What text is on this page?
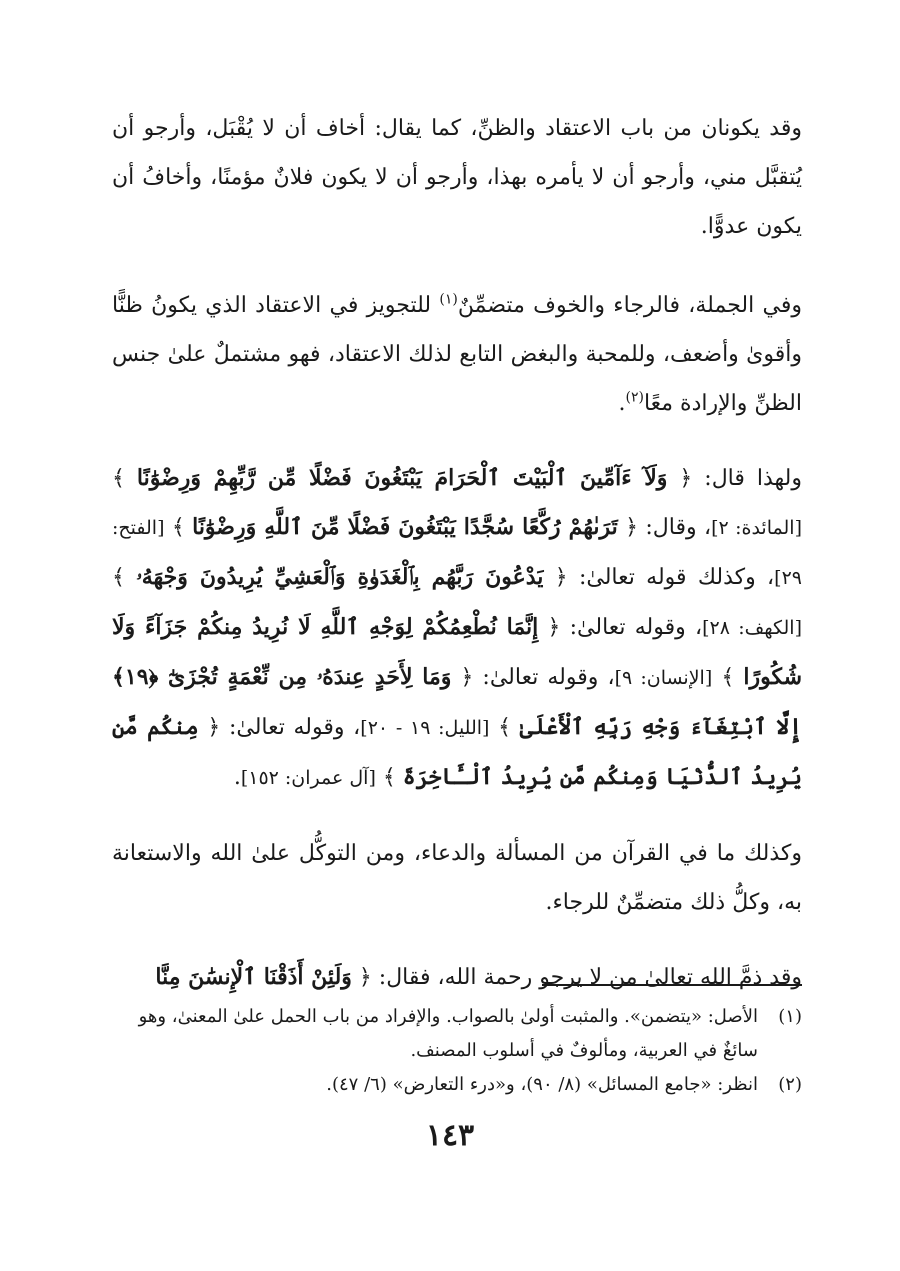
وقد يكونان من باب الاعتقاد والظنِّ، كما يقال: أخاف أن لا يُقْبَل، وأرجو أن يُتقبَّل مني، وأرجو أن لا يأمره بهذا، وأرجو أن لا يكون فلانٌ مؤمنًا، وأخافُ أن يكون عدوًّا.

وفي الجملة، فالرجاء والخوف متضمِّنٌ$^{(١)}$ للتجويز في الاعتقاد الذي يكونُ ظنًّا وأقوىٰ وأضعف، وللمحبة والبغض التابع لذلك الاعتقاد، فهو مشتملٌ علىٰ جنس الظنِّ والإرادة معًا$^{(٢)}$.

ولهذا قال: ﴿ وَلَآ ءَآمِّينَ ٱلْبَيْتَ ٱلْحَرَامَ يَبْتَغُونَ فَضْلًا مِّن رَّبِّهِمْ وَرِضْوَٰنًا ﴾ [المائدة: ٢]، وقال: ﴿ تَرَىٰهُمْ رُكَّعًا سُجَّدًا يَبْتَغُونَ فَضْلًا مِّنَ ٱللَّهِ وَرِضْوَٰنًا ﴾ [الفتح: ٢٩]، وكذلك قوله تعالىٰ: ﴿ يَدْعُونَ رَبَّهُم بِٱلْغَدَوٰةِ وَٱلْعَشِيِّ يُرِيدُونَ وَجْهَهُۥ ﴾ [الكهف: ٢٨]، وقوله تعالىٰ: ﴿ إِنَّمَا نُطْعِمُكُمْ لِوَجْهِ ٱللَّهِ لَا نُرِيدُ مِنكُمْ جَزَآءً وَلَا شُكُورًا ﴾ [الإنسان: ٩]، وقوله تعالىٰ: ﴿ وَمَا لِأَحَدٍ عِندَهُۥ مِن نِّعْمَةٍ تُجْزَىٰٓ ﴿١٩﴾ إِلَّا ٱبْتِغَآءَ وَجْهِ رَبِّهِ ٱلْأَعْلَىٰ ﴾ [الليل: ١٩ - ٢٠]، وقوله تعالىٰ: ﴿ مِنكُم مَّن يُرِيدُ ٱلدُّنْيَا وَمِنكُم مَّن يُرِيدُ ٱلْـَٔاخِرَةَ ﴾ [آل عمران: ١٥٢].

وكذلك ما في القرآن من المسألة والدعاء، ومن التوكُّل علىٰ الله والاستعانة به، وكلُّ ذلك متضمِّنٌ للرجاء.

وقد ذمَّ الله تعالىٰ من لا يرجو رحمة الله، فقال: ﴿ وَلَئِنْ أَذَقْنَا ٱلْإِنسَٰنَ مِنَّا

(١)
الأصل: «يتضمن». والمثبت أولىٰ بالصواب. والإفراد من باب الحمل علىٰ المعنىٰ، وهو سائغٌ في العربية، ومألوفٌ في أسلوب المصنف.
(٢)
انظر: «جامع المسائل» (٨/ ٩٠)، و«درء التعارض» (٦/ ٤٧).
١٤٣
